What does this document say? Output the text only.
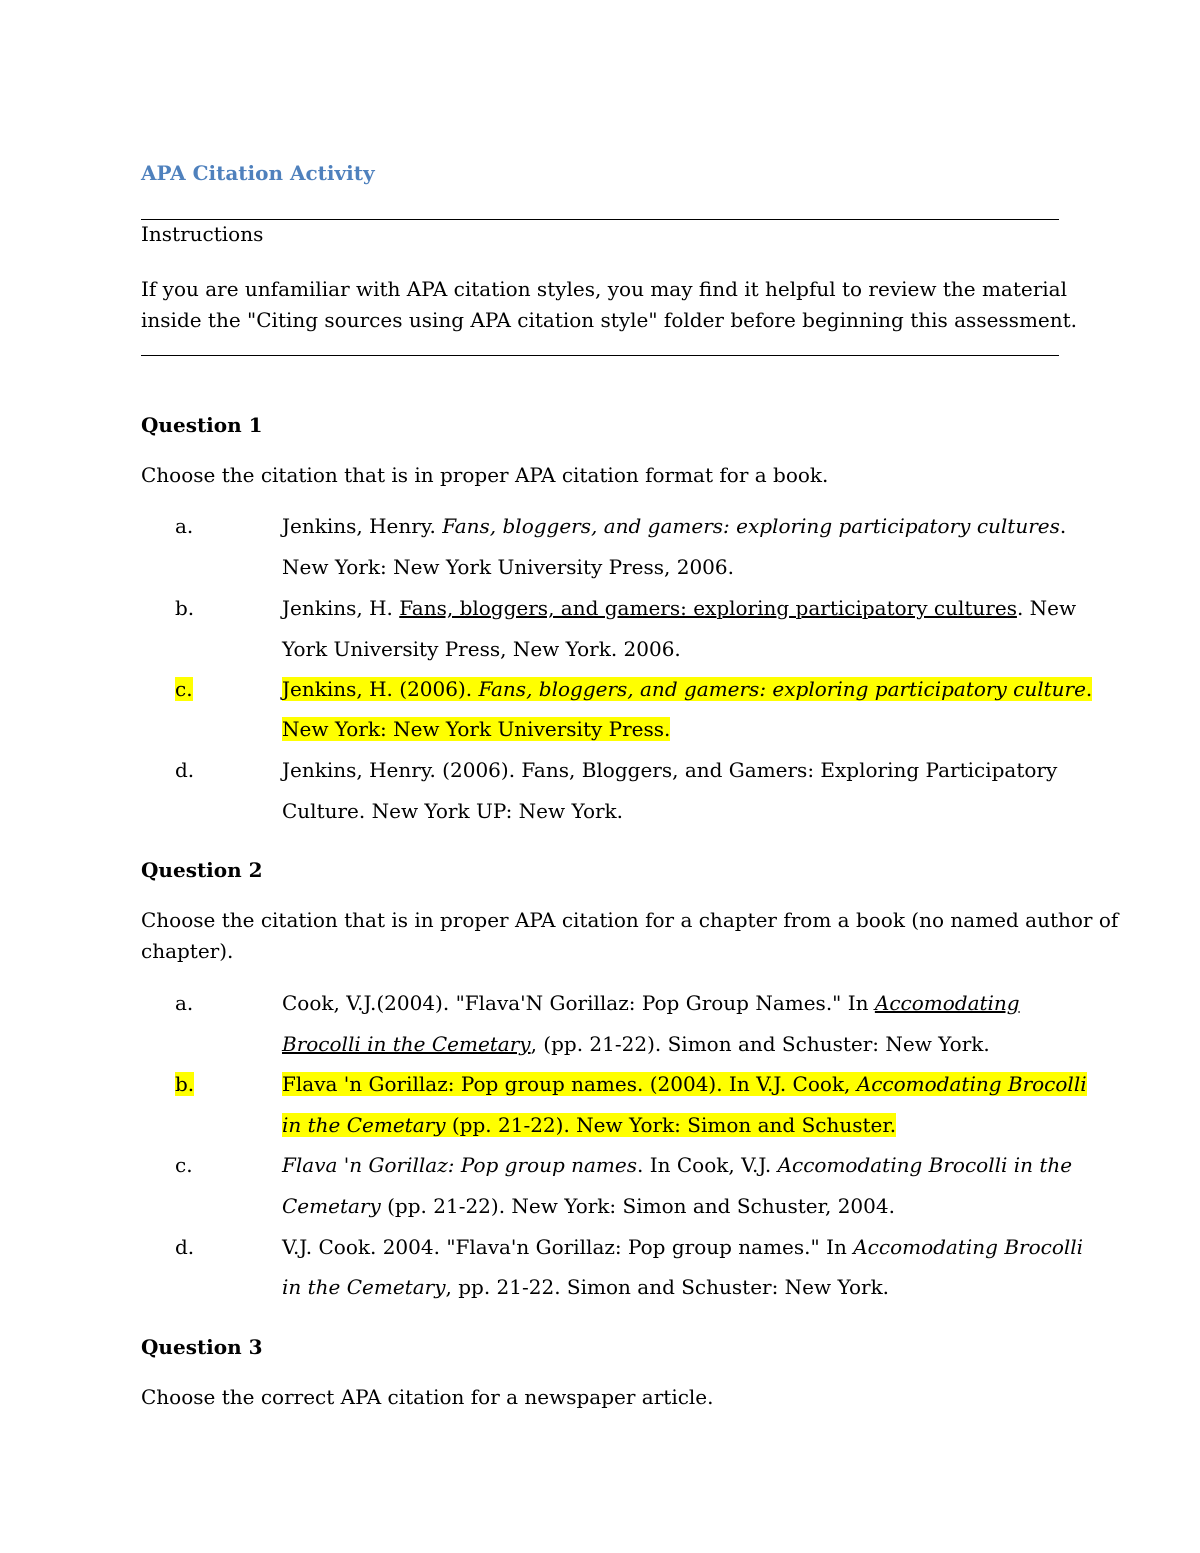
APA Citation Activity
Instructions
If you are unfamiliar with APA citation styles, you may find it helpful to review the material
inside the "Citing sources using APA citation style" folder before beginning this assessment.
Question 1
Choose the citation that is in proper APA citation format for a book.
a.	Jenkins, Henry. Fans, bloggers, and gamers: exploring participatory cultures.
New York: New York University Press, 2006.
b.	Jenkins, H. Fans, bloggers, and gamers: exploring participatory cultures. New
York University Press, New York. 2006.
c.	Jenkins, H. (2006). Fans, bloggers, and gamers: exploring participatory culture.
New York: New York University Press.
d.	Jenkins, Henry. (2006). Fans, Bloggers, and Gamers: Exploring Participatory
Culture. New York UP: New York.
Question 2
Choose the citation that is in proper APA citation for a chapter from a book (no named author of
chapter).
a.	Cook, V.J.(2004). "Flava'N Gorillaz: Pop Group Names." In Accomodating
Brocolli in the Cemetary, (pp. 21-22). Simon and Schuster: New York.
b.	Flava 'n Gorillaz: Pop group names. (2004). In V.J. Cook, Accomodating Brocolli
in the Cemetary (pp. 21-22). New York: Simon and Schuster.
c.	Flava 'n Gorillaz: Pop group names. In Cook, V.J. Accomodating Brocolli in the
Cemetary (pp. 21-22). New York: Simon and Schuster, 2004.
d.	V.J. Cook. 2004. "Flava'n Gorillaz: Pop group names." In Accomodating Brocolli
in the Cemetary, pp. 21-22. Simon and Schuster: New York.
Question 3
Choose the correct APA citation for a newspaper article.
